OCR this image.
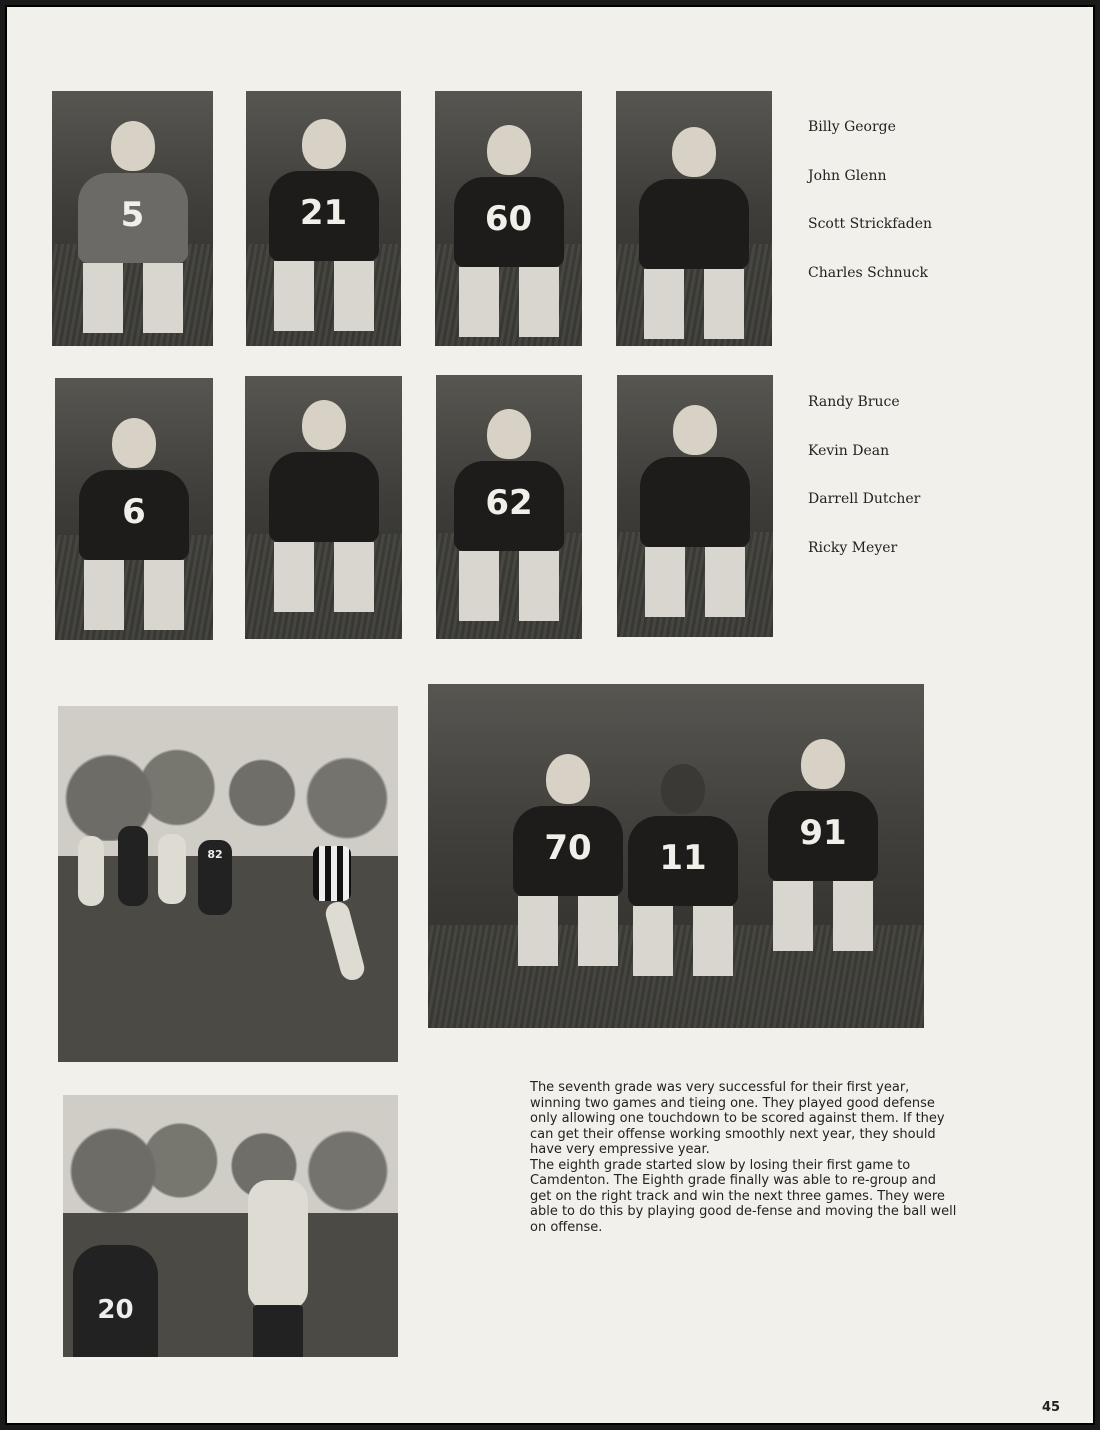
5	21	60
Billy George
John Glenn
Scott Strickfaden
Charles Schnuck
6	62
Randy Bruce
Kevin Dean
Darrell Dutcher
Ricky Meyer
82	70	11
91
20

The seventh grade was very successful for their first year, winning two games and tieing one. They played good defense only allowing one touchdown to be scored against them. If they can get their offense working smoothly next year, they should have very empressive year.

The eighth grade started slow by losing their first game to Camdenton. The Eighth grade finally was able to re-group and get on the right track and win the next three games. They were able to do this by playing good de-fense and moving the ball well on offense.

45
